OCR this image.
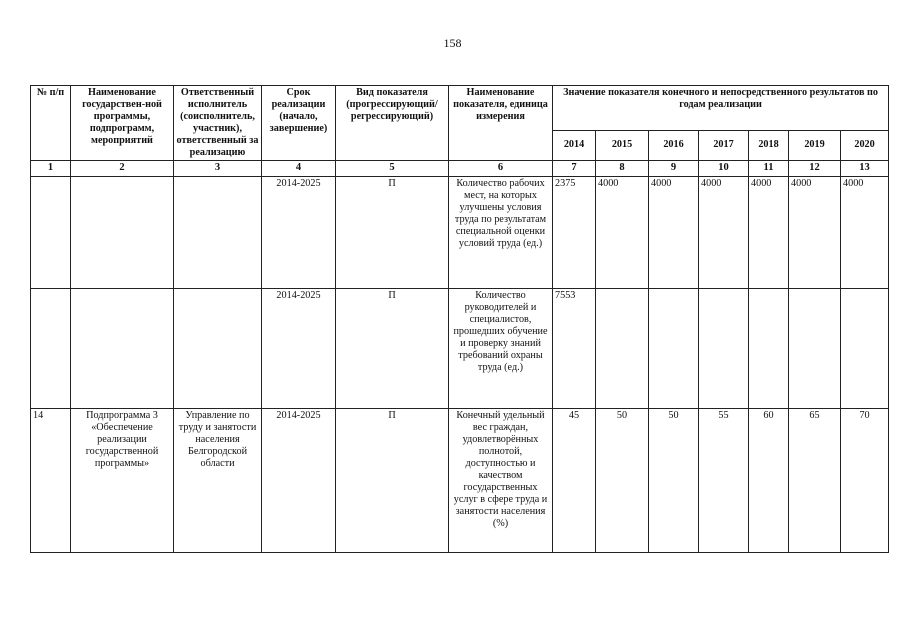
158
№ п/п	Наименование государствен-ной программы, подпрограмм, мероприятий	Ответственный исполнитель (соисполнитель, участник), ответственный за реализацию	Срок реализации (начало, завершение)	Вид показателя (прогрессирующий/ регрессирующий)	Наименование показателя, единица измерения	Значение показателя конечного и непосредственного результатов по годам реализации						
						2014	2015	2016	2017	2018	2019	2020
1	2	3	4	5	6	7	8	9	10	11	12	13
			2014-2025	П	Количество рабочих мест, на которых улучшены условия труда по результатам специальной оценки условий труда (ед.)	2375	4000	4000	4000	4000	4000	4000
			2014-2025	П	Количество руководителей и специалистов, прошедших обучение и проверку знаний требований охраны труда (ед.)	7553						
14	Подпрограмма 3 «Обеспечение реализации государственной программы»	Управление по труду и занятости населения Белгородской области	2014-2025	П	Конечный удельный вес граждан, удовлетворённых полнотой, доступностью и качеством государственных услуг в сфере труда и занятости населения (%)	45	50	50	55	60	65	70
